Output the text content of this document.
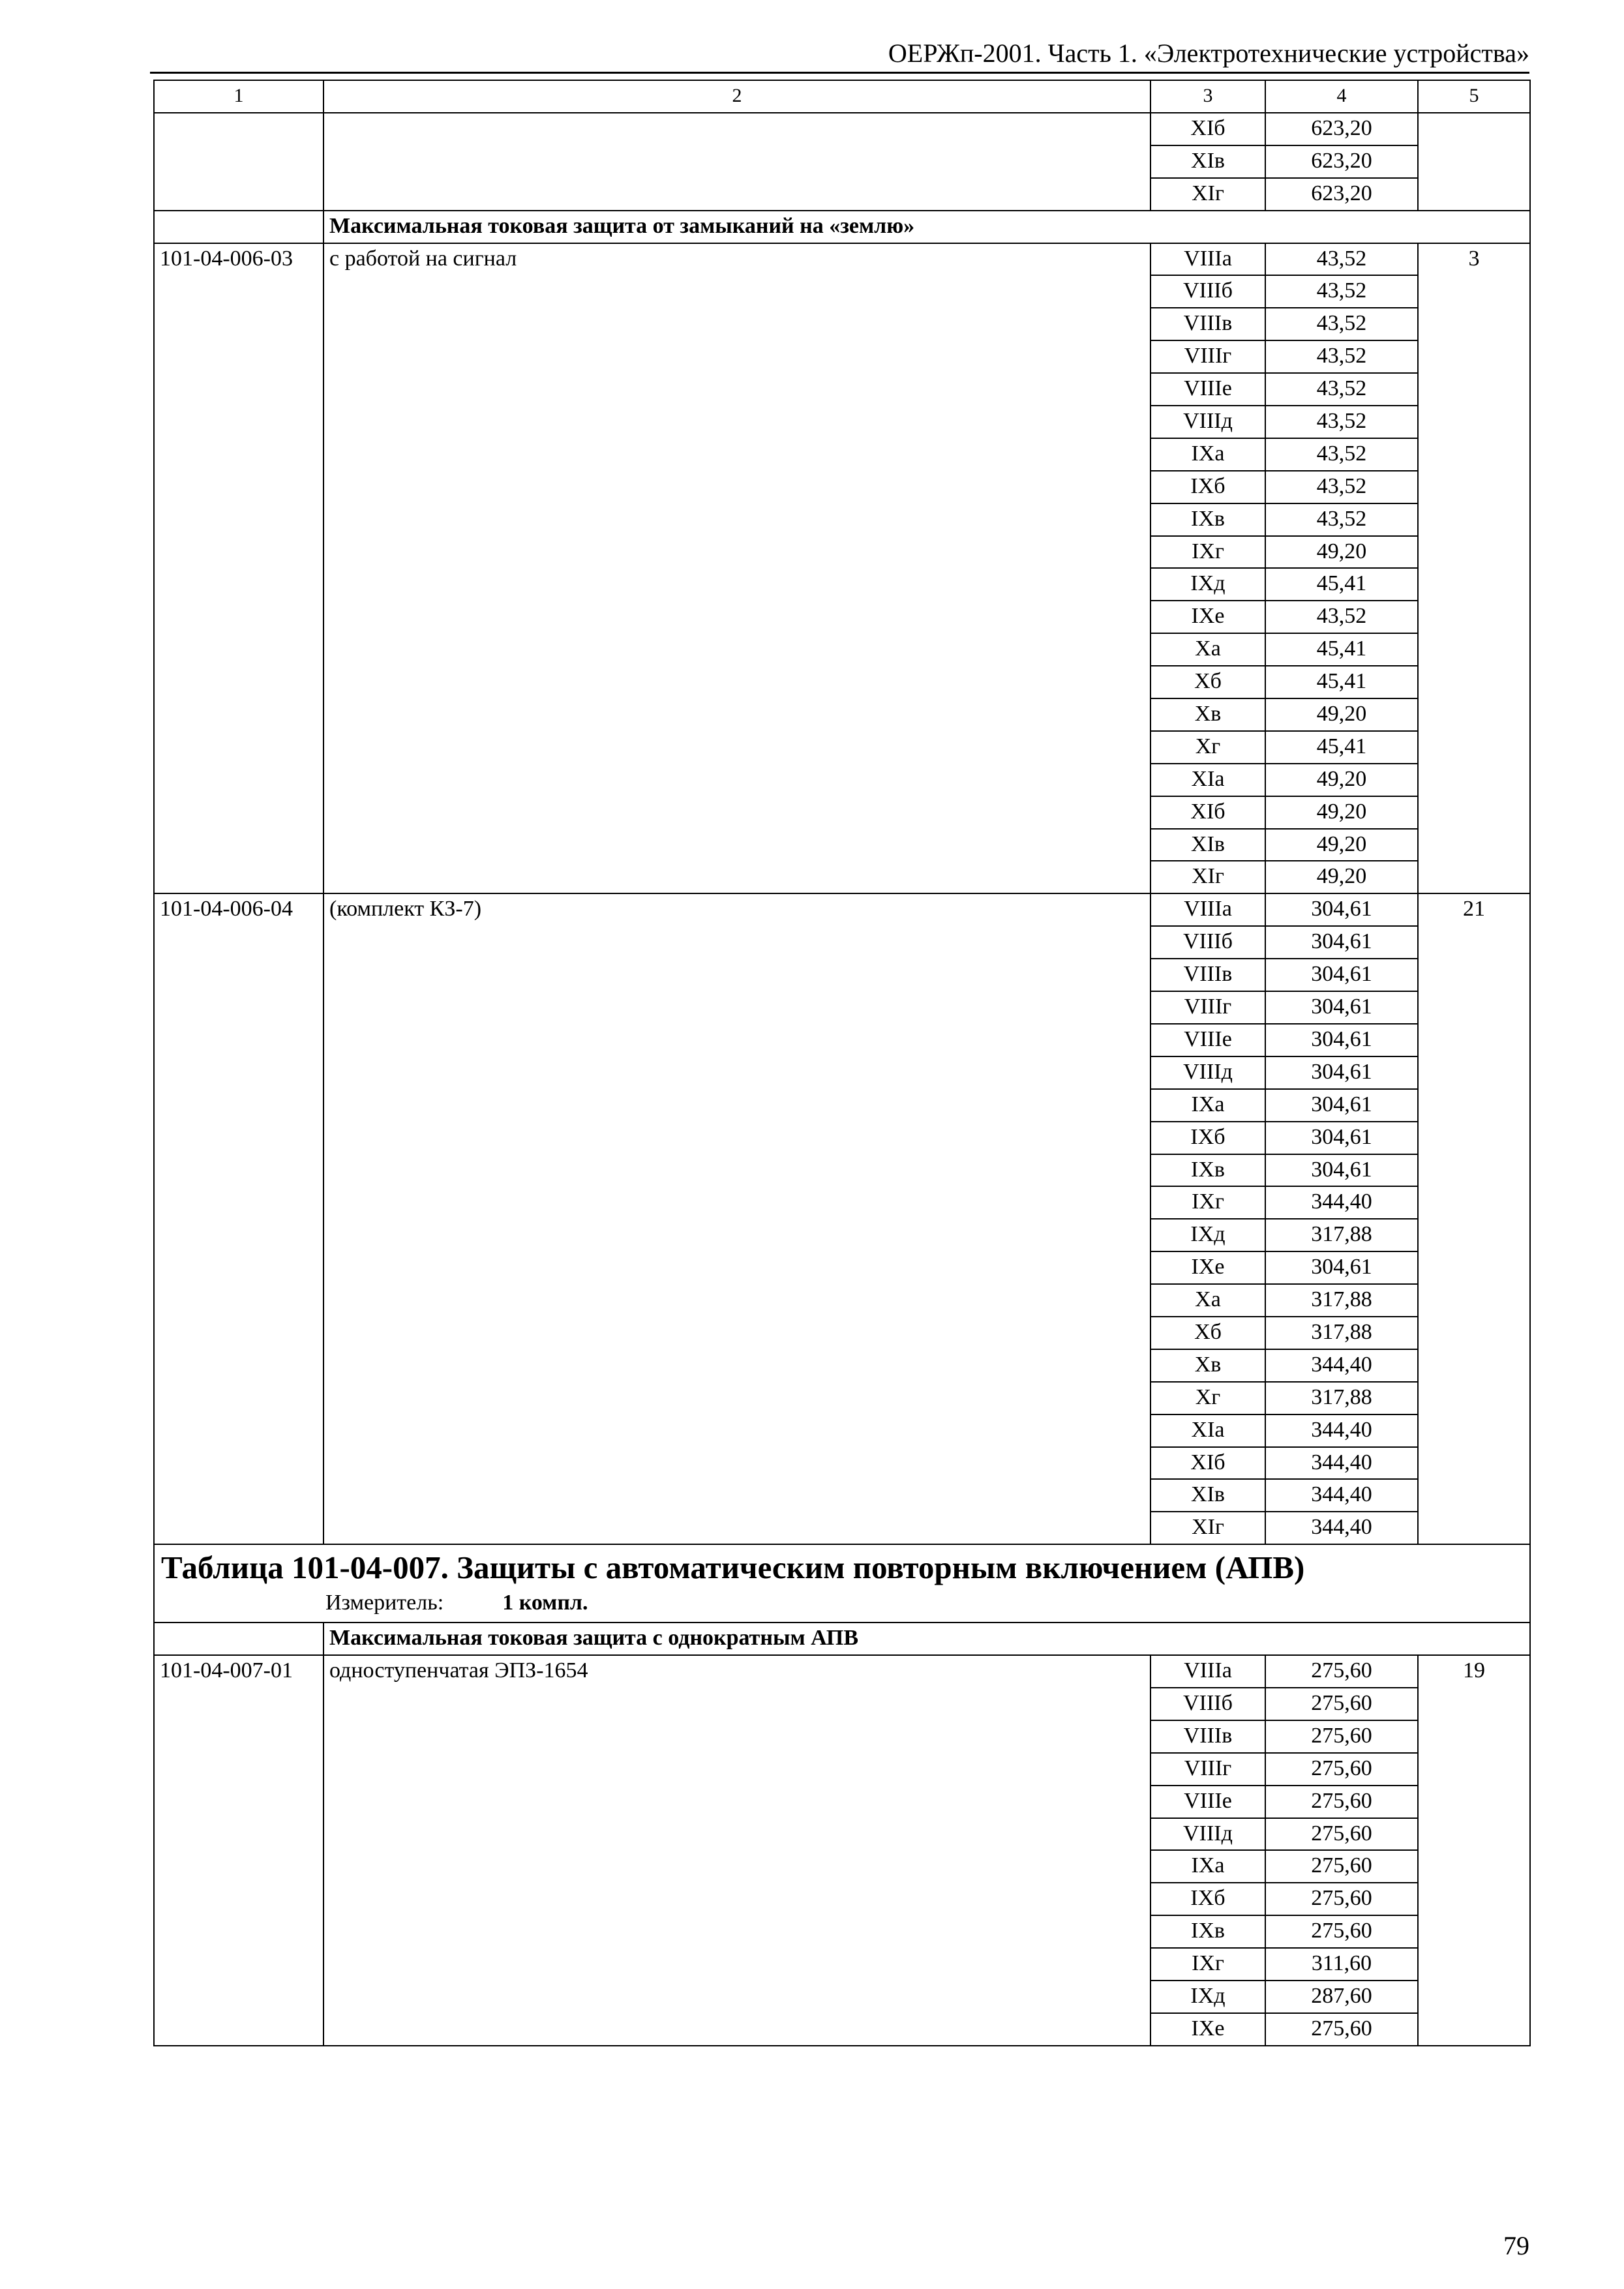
ОЕРЖп-2001. Часть 1. «Электротехнические устройства»
1	2	3	4	5
		XIб	623,20	
		XIв	623,20	
		XIг	623,20	
	Максимальная токовая защита от замыканий на «землю»			
101-04-006-03	с работой на сигнал	VIIIа	43,52	3
		VIIIб	43,52	
		VIIIв	43,52	
		VIIIг	43,52	
		VIIIе	43,52	
		VIIIд	43,52	
		IXа	43,52	
		IXб	43,52	
		IXв	43,52	
		IXг	49,20	
		IXд	45,41	
		IXе	43,52	
		Xа	45,41	
		Xб	45,41	
		Xв	49,20	
		Xг	45,41	
		XIа	49,20	
		XIб	49,20	
		XIв	49,20	
		XIг	49,20	
101-04-006-04	(комплект КЗ-7)	VIIIа	304,61	21
		VIIIб	304,61	
		VIIIв	304,61	
		VIIIг	304,61	
		VIIIе	304,61	
		VIIIд	304,61	
		IXа	304,61	
		IXб	304,61	
		IXв	304,61	
		IXг	344,40	
		IXд	317,88	
		IXе	304,61	
		Xа	317,88	
		Xб	317,88	
		Xв	344,40	
		Xг	317,88	
		XIа	344,40	
		XIб	344,40	
		XIв	344,40	
		XIг	344,40	

Таблица 101-04-007. Защиты с автоматическим повторным включением (АПВ)
Измеритель: 1 компл.				

	Максимальная токовая защита с однократным АПВ			
101-04-007-01	одноступенчатая ЭПЗ-1654	VIIIа	275,60	19
		VIIIб	275,60	
		VIIIв	275,60	
		VIIIг	275,60	
		VIIIе	275,60	
		VIIIд	275,60	
		IXа	275,60	
		IXб	275,60	
		IXв	275,60	
		IXг	311,60	
		IXд	287,60	
		IXе	275,60	
79
